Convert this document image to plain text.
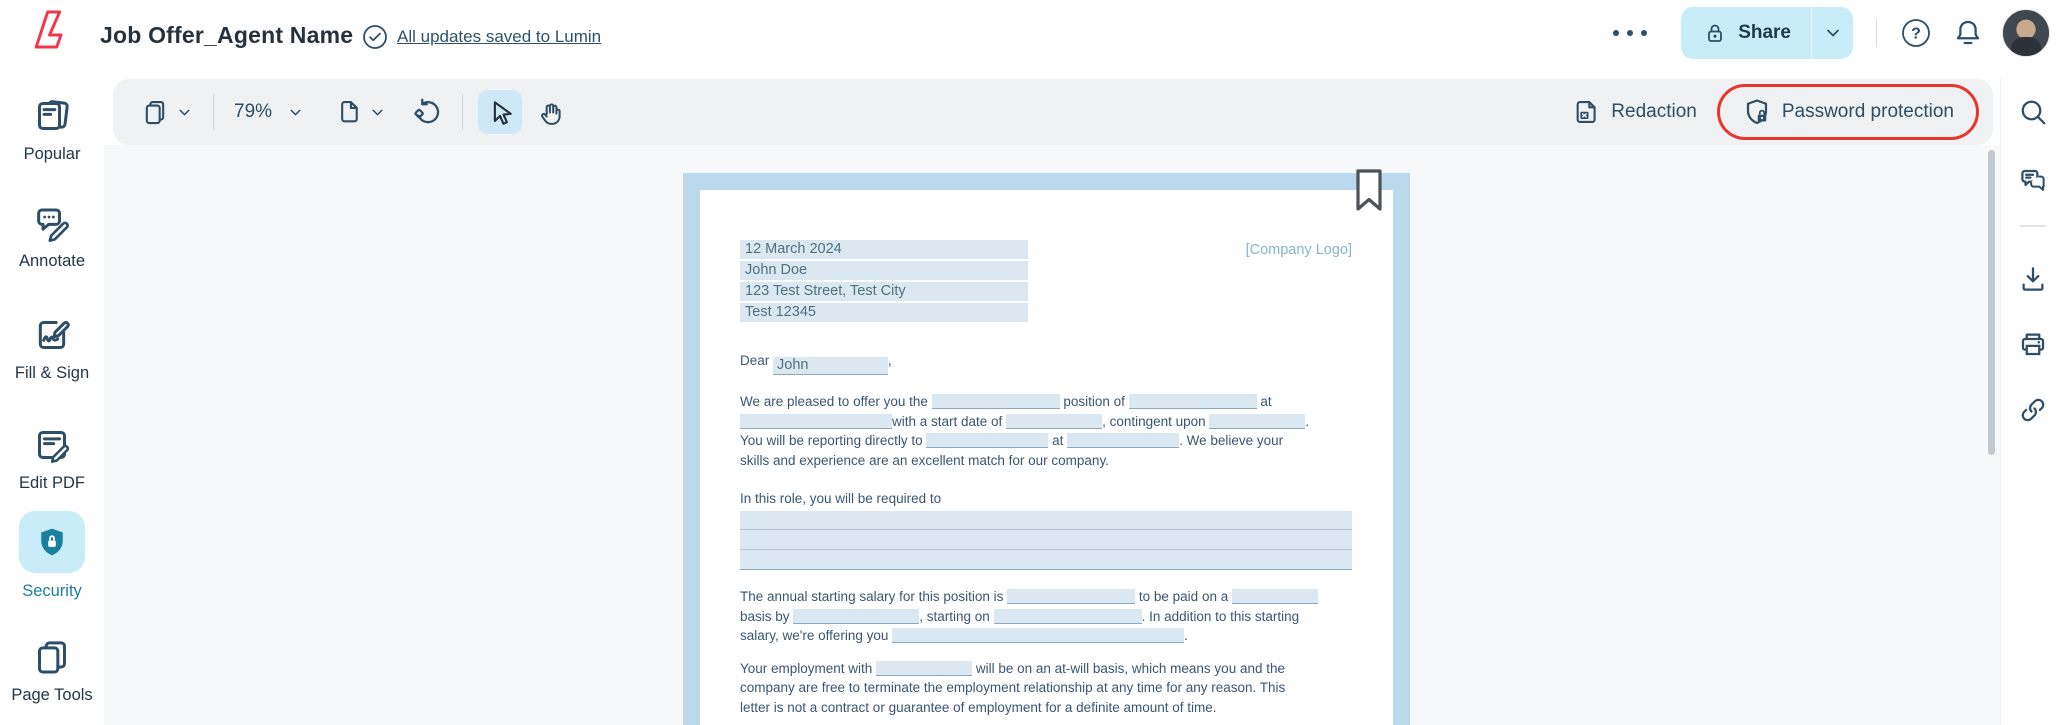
Job Offer_Agent Name	All updates saved to Lumin	Share	?
79%	Redaction	Password protection
Popular
Annotate
Fill & Sign
Edit PDF
Security
Page Tools
[Company Logo]
12 March 2024
John Doe
123 Test Street, Test City
Test 12345
Dear John	,
We are pleased to offer you the	position of	at
with a start date of	, contingent upon	.
You will be reporting directly to	at	. We believe your
skills and experience are an excellent match for our company.
In this role, you will be required to
The annual starting salary for this position is	to be paid on a
basis by	, starting on	. In addition to this starting
salary, we're offering you	.
Your employment with	will be on an at-will basis, which means you and the
company are free to terminate the employment relationship at any time for any reason. This
letter is not a contract or guarantee of employment for a definite amount of time.
